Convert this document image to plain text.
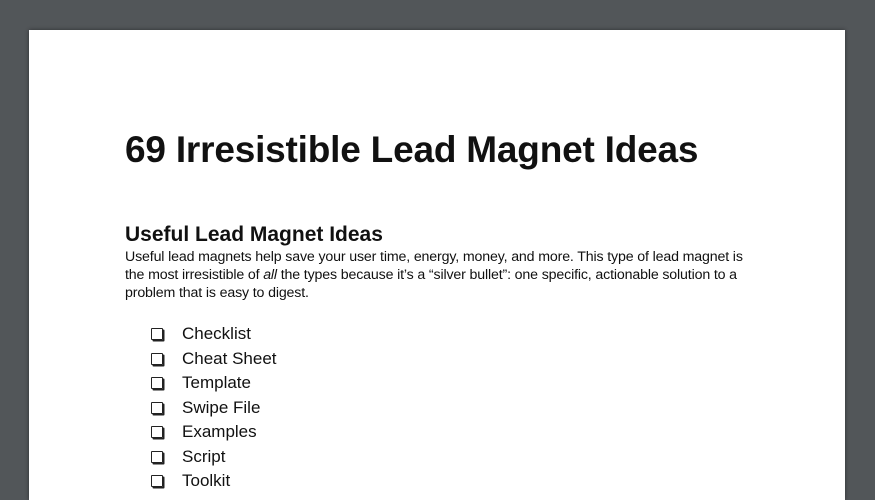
69 Irresistible Lead Magnet Ideas
Useful Lead Magnet Ideas

Useful lead magnets help save your user time, energy, money, and more. This type of lead magnet is the most irresistible of all the types because it’s a “silver bullet”: one specific, actionable solution to a problem that is easy to digest.

Checklist
Cheat Sheet
Template
Swipe File
Examples
Script
Toolkit
